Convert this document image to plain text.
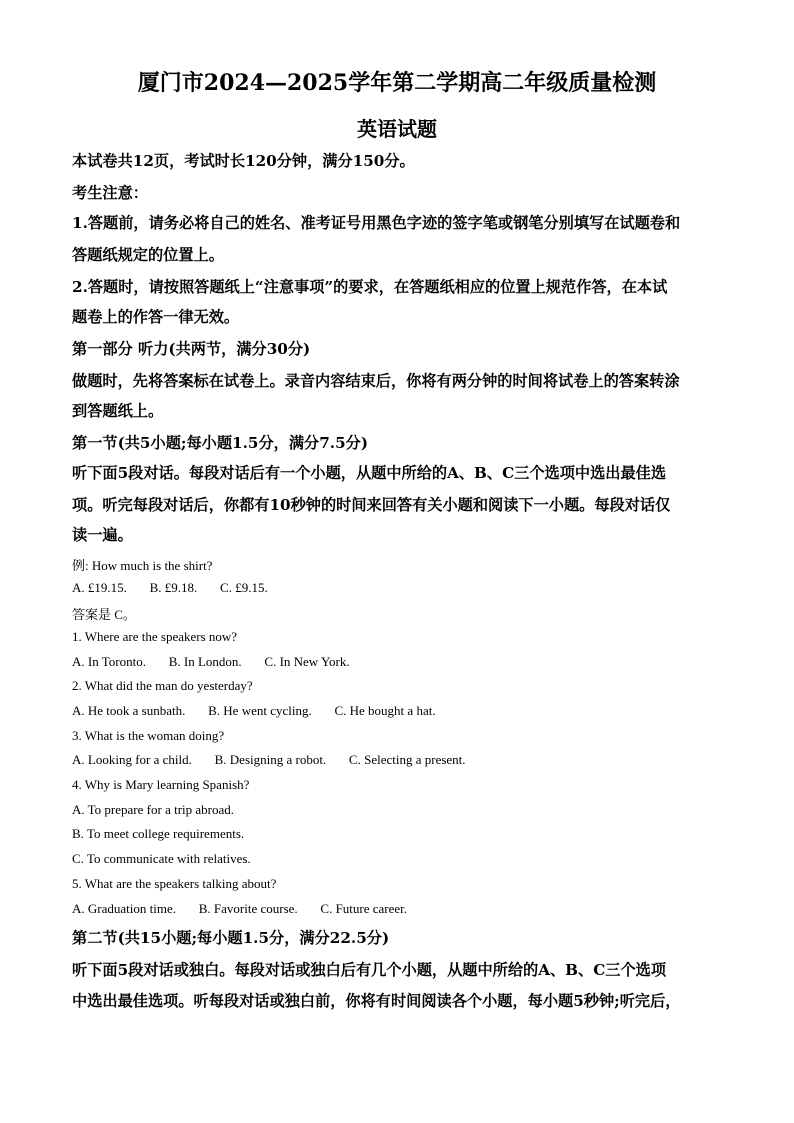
厦门市2024—2025学年第二学期高二年级质量检测
英语试题
本试卷共12页，考试时长120分钟，满分150分。
考生注意：
1.答题前，请务必将自己的姓名、准考证号用黑色字迹的签字笔或钢笔分别填写在试题卷和
答题纸规定的位置上。
2.答题时，请按照答题纸上“注意事项”的要求，在答题纸相应的位置上规范作答，在本试
题卷上的作答一律无效。
第一部分 听力(共两节，满分30分)
做题时，先将答案标在试卷上。录音内容结束后，你将有两分钟的时间将试卷上的答案转涂
到答题纸上。
第一节(共5小题;每小题1.5分，满分7.5分)
听下面5段对话。每段对话后有一个小题，从题中所给的A、B、C三个选项中选出最佳选
项。听完每段对话后，你都有10秒钟的时间来回答有关小题和阅读下一小题。每段对话仅
读一遍。
例: How much is the shirt?
A. £19.15.       B. £9.18.       C. £9.15.
答案是 C。
1. Where are the speakers now?
A. In Toronto.       B. In London.       C. In New York.
2. What did the man do yesterday?
A. He took a sunbath.       B. He went cycling.       C. He bought a hat.
3. What is the woman doing?
A. Looking for a child.       B. Designing a robot.       C. Selecting a present.
4. Why is Mary learning Spanish?
A. To prepare for a trip abroad.
B. To meet college requirements.
C. To communicate with relatives.
5. What are the speakers talking about?
A. Graduation time.       B. Favorite course.       C. Future career.
第二节(共15小题;每小题1.5分，满分22.5分)
听下面5段对话或独白。每段对话或独白后有几个小题，从题中所给的A、B、C三个选项
中选出最佳选项。听每段对话或独白前，你将有时间阅读各个小题，每小题5秒钟;听完后，
